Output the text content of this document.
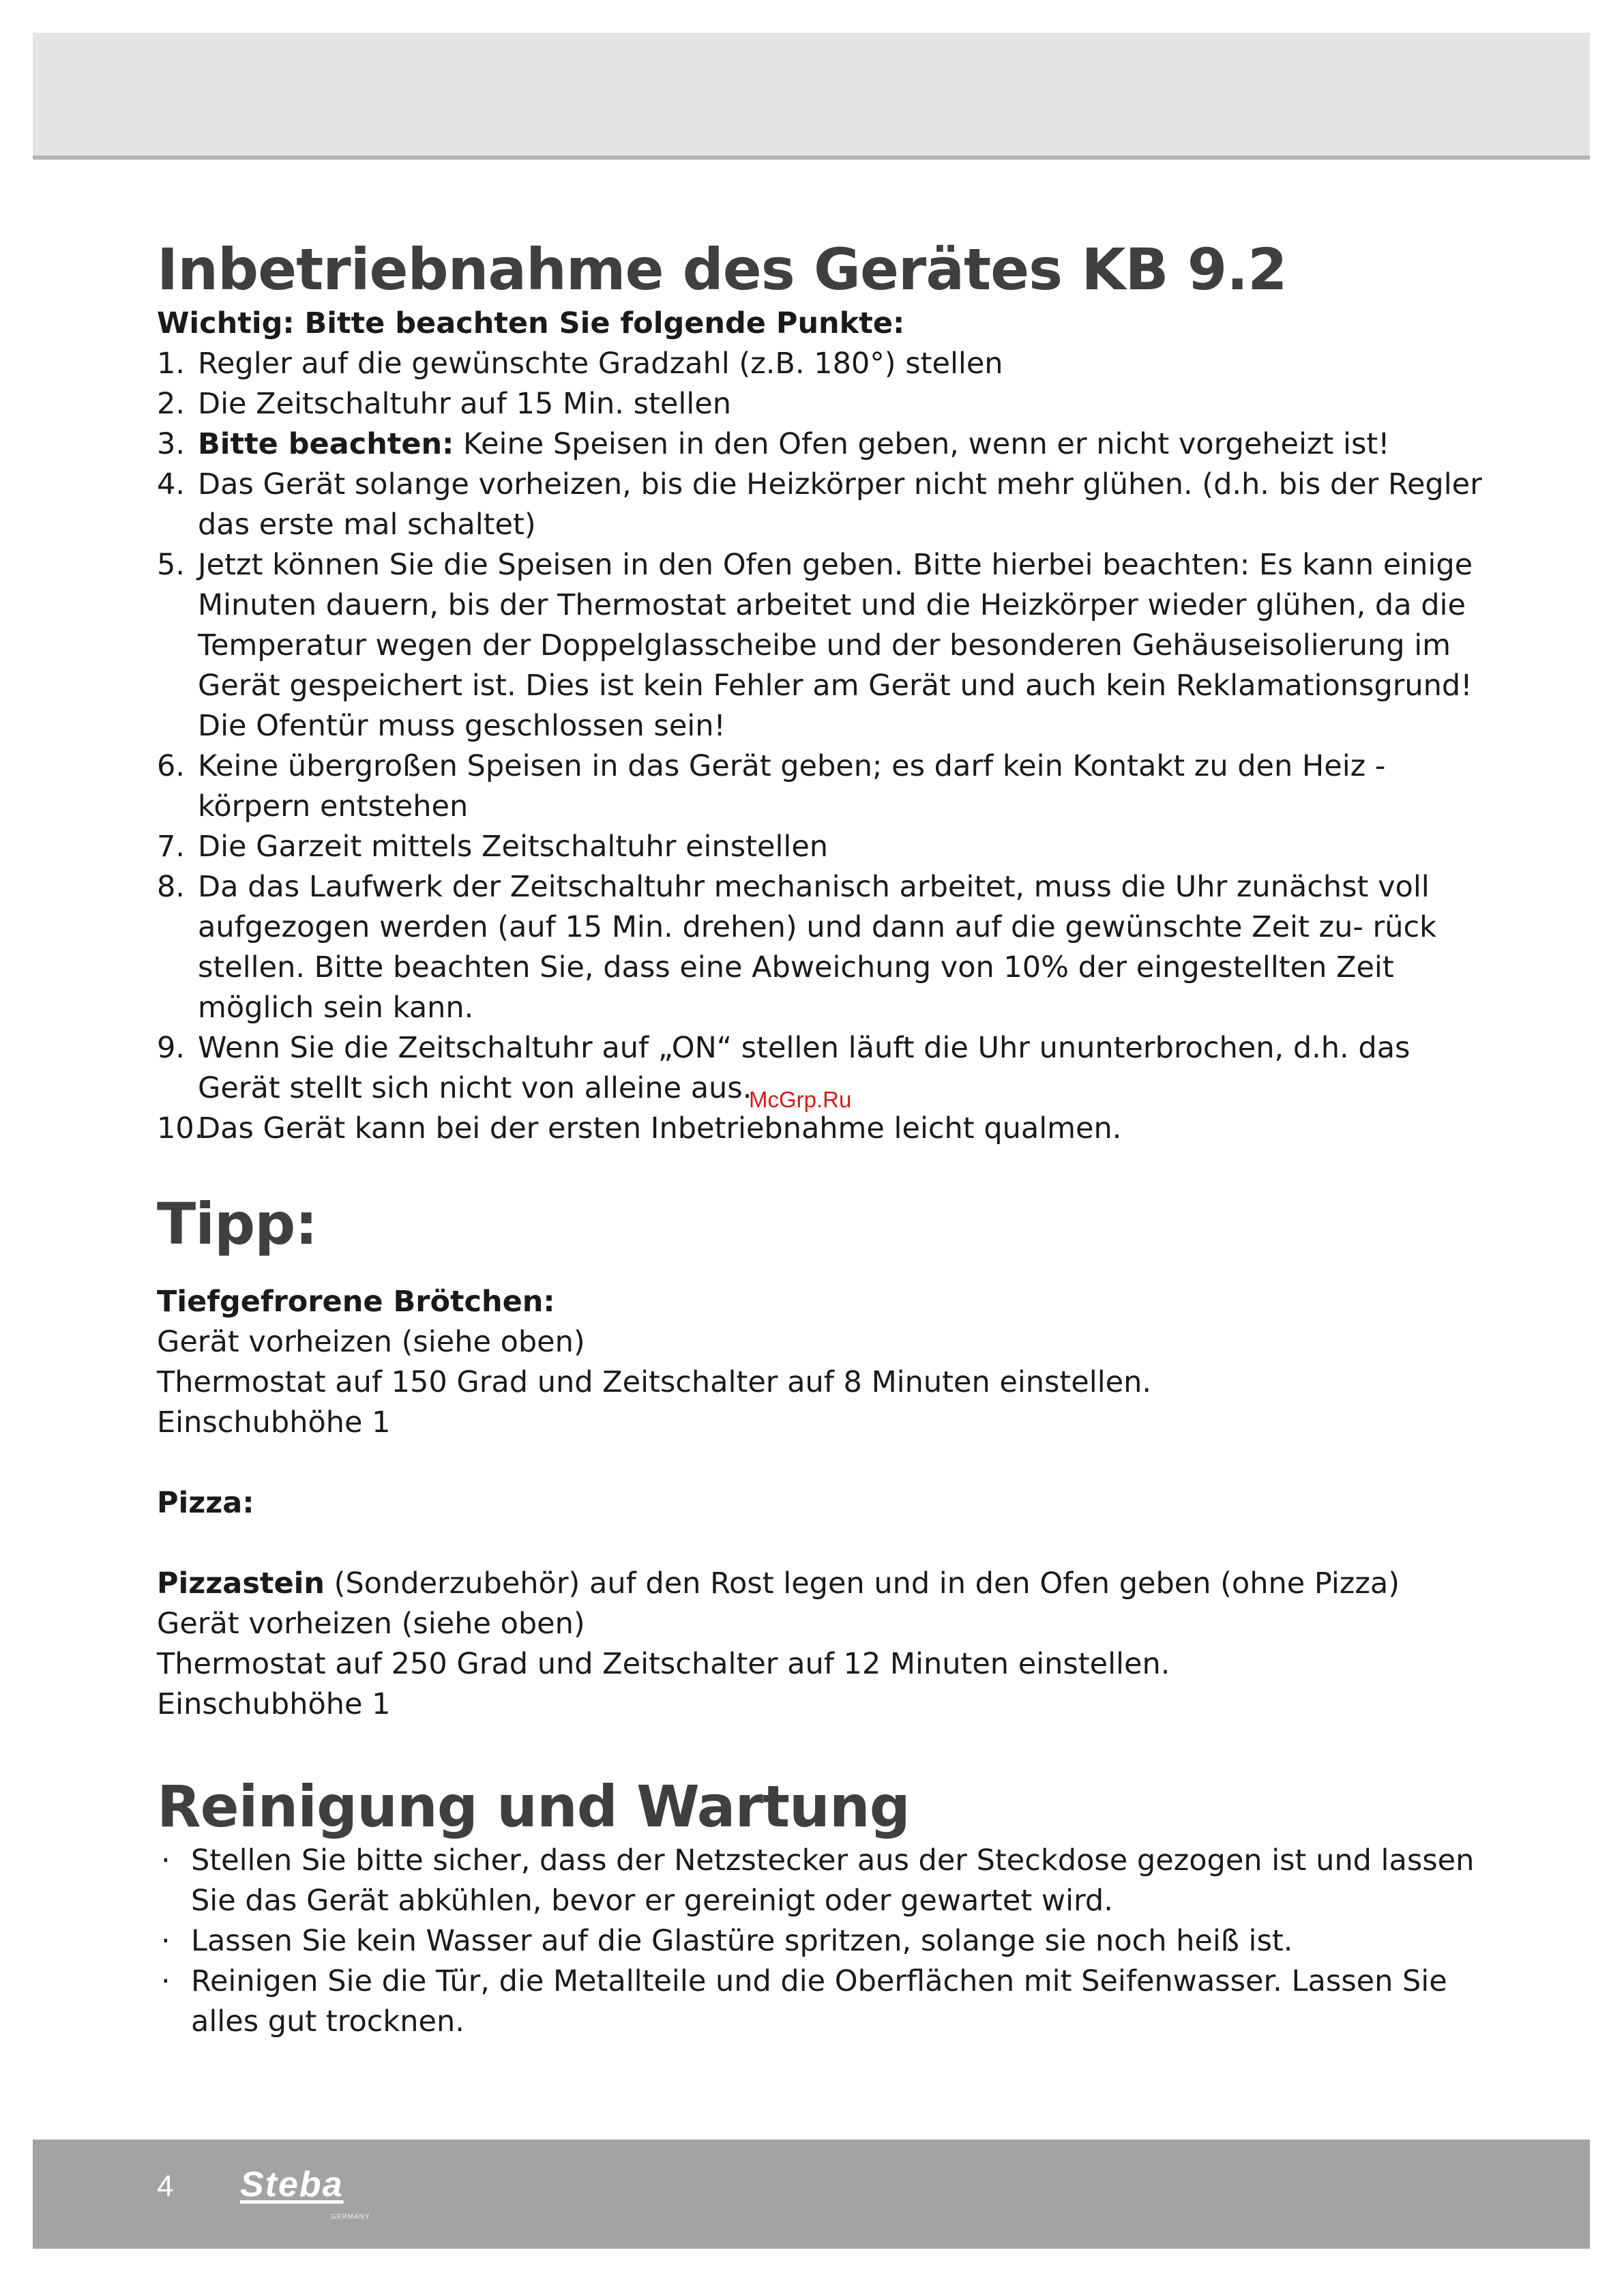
Inbetriebnahme des Gerätes KB 9.2
Wichtig: Bitte beachten Sie folgende Punkte:
1. Regler auf die gewünschte Gradzahl (z.B. 180°) stellen
2. Die Zeitschaltuhr auf 15 Min. stellen
3. Bitte beachten: Keine Speisen in den Ofen geben, wenn er nicht vorgeheizt ist!
4. Das Gerät solange vorheizen, bis die Heizkörper nicht mehr glühen. (d.h. bis der Regler das erste mal schaltet)
5. Jetzt können Sie die Speisen in den Ofen geben. Bitte hierbei beachten: Es kann einige Minuten dauern, bis der Thermostat arbeitet und die Heizkörper wieder glühen, da die Temperatur wegen der Doppelglasscheibe und der besonderen Gehäuseisolierung im Gerät gespeichert ist. Dies ist kein Fehler am Gerät und auch kein Reklamationsgrund! Die Ofentür muss geschlossen sein!
6. Keine übergroßen Speisen in das Gerät geben; es darf kein Kontakt zu den Heiz - körpern entstehen
7. Die Garzeit mittels Zeitschaltuhr einstellen
8. Da das Laufwerk der Zeitschaltuhr mechanisch arbeitet, muss die Uhr zunächst voll aufgezogen werden (auf 15 Min. drehen) und dann auf die gewünschte Zeit zu- rück stellen. Bitte beachten Sie, dass eine Abweichung von 10% der eingestellten Zeit möglich sein kann.
9. Wenn Sie die Zeitschaltuhr auf „ON“ stellen läuft die Uhr ununterbrochen, d.h. das Gerät stellt sich nicht von alleine aus.
10.
Das Gerät kann bei der ersten Inbetriebnahme leicht qualmen.
Tipp:
Tiefgefrorene Brötchen:
Gerät vorheizen (siehe oben)
Thermostat auf 150 Grad und Zeitschalter auf 8 Minuten einstellen.
Einschubhöhe 1
Pizza:
Pizzastein (Sonderzubehör) auf den Rost legen und in den Ofen geben (ohne Pizza)
Gerät vorheizen (siehe oben)
Thermostat auf 250 Grad und Zeitschalter auf 12 Minuten einstellen.
Einschubhöhe 1
Reinigung und Wartung
· Stellen Sie bitte sicher, dass der Netzstecker aus der Steckdose gezogen ist und lassen Sie das Gerät abkühlen, bevor er gereinigt oder gewartet wird.
· Lassen Sie kein Wasser auf die Glastüre spritzen, solange sie noch heiß ist.
· Reinigen Sie die Tür, die Metallteile und die Oberflächen mit Seifenwasser. Lassen Sie alles gut trocknen.
McGrp.Ru
4 Steba
GERMANY
